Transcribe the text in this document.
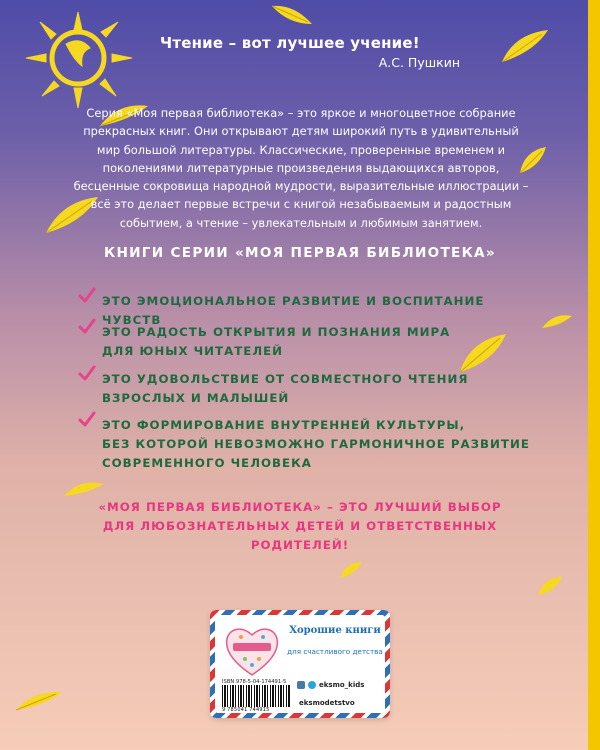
Чтение – вот лучшее учение!
А.С. Пушкин
Серия «Моя первая библиотека» – это яркое и многоцветное собрание прекрасных книг. Они открывают детям широкий путь в удивительный мир большой литературы. Классические, проверенные временем и поколениями литературные произведения выдающихся авторов, бесценные сокровища народной мудрости, выразительные иллюстрации – всё это делает первые встречи с книгой незабываемым и радостным событием, а чтение – увлекательным и любимым занятием.
КНИГИ СЕРИИ «МОЯ ПЕРВАЯ БИБЛИОТЕКА»
ЭТО ЭМОЦИОНАЛЬНОЕ РАЗВИТИЕ И ВОСПИТАНИЕ ЧУВСТВ
ЭТО РАДОСТЬ ОТКРЫТИЯ И ПОЗНАНИЯ МИРА
ДЛЯ ЮНЫХ ЧИТАТЕЛЕЙ
ЭТО УДОВОЛЬСТВИЕ ОТ СОВМЕСТНОГО ЧТЕНИЯ
ВЗРОСЛЫХ И МАЛЫШЕЙ
ЭТО ФОРМИРОВАНИЕ ВНУТРЕННЕЙ КУЛЬТУРЫ,
БЕЗ КОТОРОЙ НЕВОЗМОЖНО ГАРМОНИЧНОЕ РАЗВИТИЕ
СОВРЕМЕННОГО ЧЕЛОВЕКА
«МОЯ ПЕРВАЯ БИБЛИОТЕКА» – ЭТО ЛУЧШИЙ ВЫБОР
ДЛЯ ЛЮБОЗНАТЕЛЬНЫХ ДЕТЕЙ И ОТВЕТСТВЕННЫХ
РОДИТЕЛЕЙ!
Хорошие книги
для счастливого детства
ISBN 978-5-04-174491-5
9 785041 744915
eksmo_kids
eksmodetstvo
